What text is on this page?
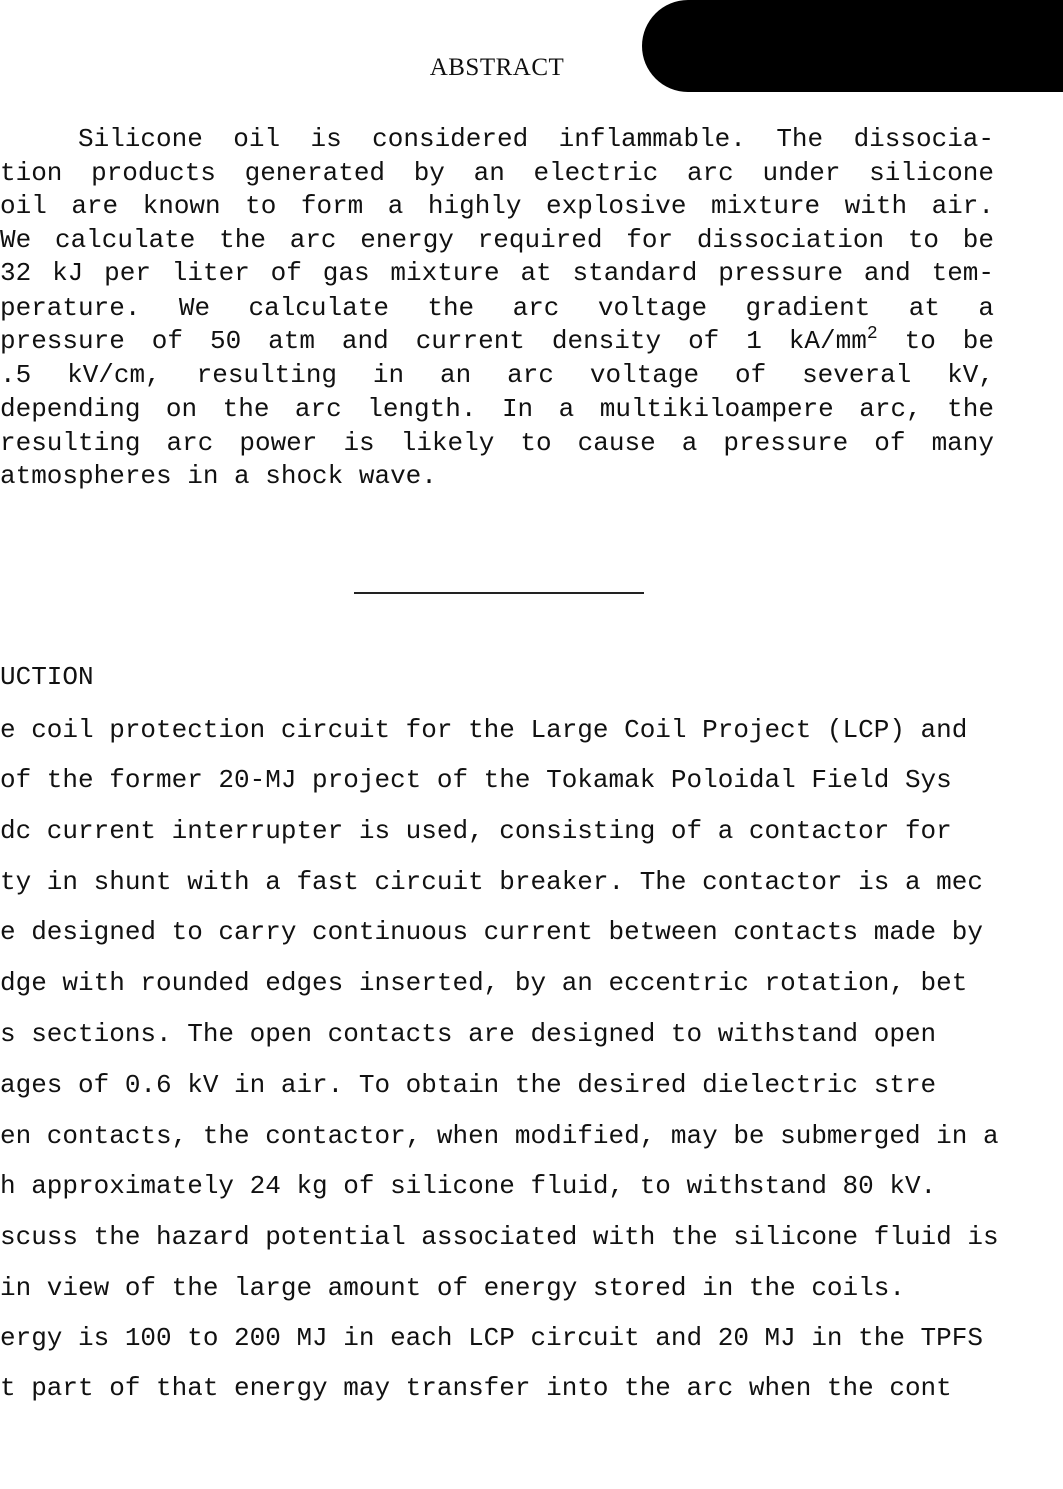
ABSTRACT
Silicone oil is considered inflammable. The dissocia-
tion products generated by an electric arc under silicone
oil are known to form a highly explosive mixture with air.
We calculate the arc energy required for dissociation to be
32 kJ per liter of gas mixture at standard pressure and tem-
perature. We calculate the arc voltage gradient at a
pressure of 50 atm and current density of 1 $kA/mm^2$ to be
.5 kV/cm, resulting in an arc voltage of several kV,
depending on the arc length. In a multikiloampere arc, the
resulting arc power is likely to cause a pressure of many
atmospheres in a shock wave.
UCTION
e coil protection circuit for the Large Coil Project (LCP) and
of the former 20-MJ project of the Tokamak Poloidal Field Sys
dc current interrupter is used, consisting of a contactor for
ty in shunt with a fast circuit breaker. The contactor is a mec
e designed to carry continuous current between contacts made by
dge with rounded edges inserted, by an eccentric rotation, bet
s sections. The open contacts are designed to withstand open
ages of 0.6 kV in air. To obtain the desired dielectric stre
en contacts, the contactor, when modified, may be submerged in a
h approximately 24 kg of silicone fluid, to withstand 80 kV.
scuss the hazard potential associated with the silicone fluid is
in view of the large amount of energy stored in the coils.
ergy is 100 to 200 MJ in each LCP circuit and 20 MJ in the TPFS
t part of that energy may transfer into the arc when the cont
